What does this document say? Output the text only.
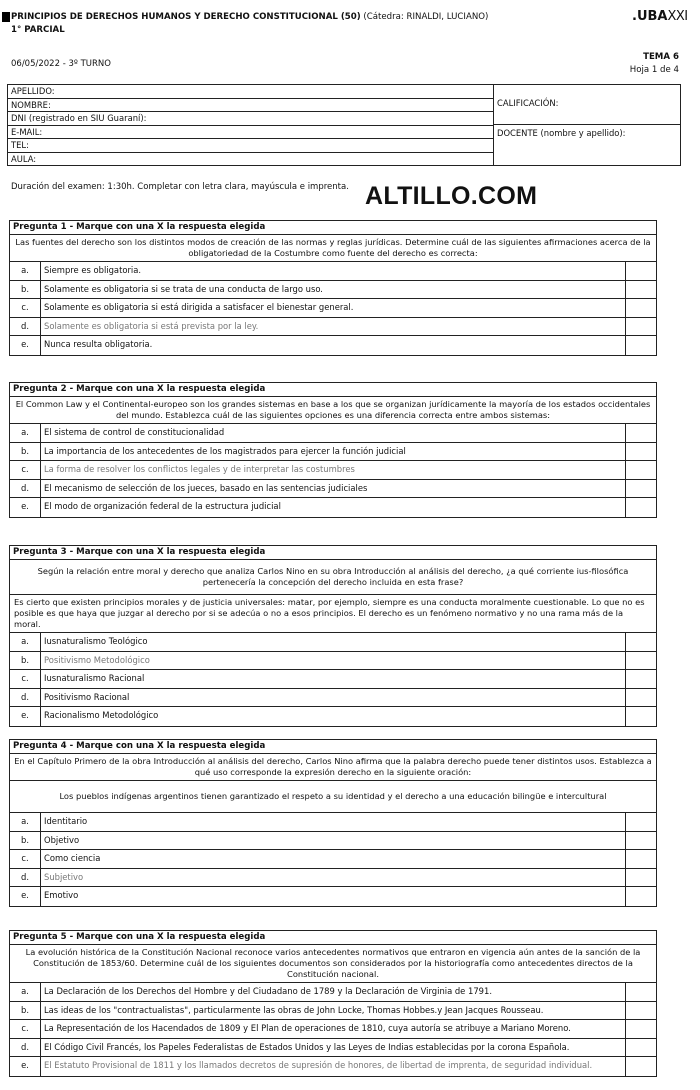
PRINCIPIOS DE DERECHOS HUMANOS Y DERECHO CONSTITUCIONAL (50) (Cátedra: RINALDI, LUCIANO)
1° PARCIAL
.UBAXXI
06/05/2022 - 3º TURNO
TEMA 6
Hoja 1 de 4
APELLIDO:
NOMBRE:
DNI (registrado en SIU Guaraní):
E-MAIL:
TEL:
AULA:
CALIFICACIÓN:
DOCENTE (nombre y apellido):
Duración del examen: 1:30h. Completar con letra clara, mayúscula e imprenta. ALTILLO.COM
Pregunta 1 - Marque con una X la respuesta elegida
Las fuentes del derecho son los distintos modos de creación de las normas y reglas jurídicas. Determine cuál de las siguientes afirmaciones acerca de la obligatoriedad de la Costumbre como fuente del derecho es correcta:
a.	Siempre es obligatoria.
b.	Solamente es obligatoria si se trata de una conducta de largo uso.
c.	Solamente es obligatoria si está dirigida a satisfacer el bienestar general.
d.	Solamente es obligatoria si está prevista por la ley.
e.	Nunca resulta obligatoria.
Pregunta 2 - Marque con una X la respuesta elegida
El Common Law y el Continental-europeo son los grandes sistemas en base a los que se organizan jurídicamente la mayoría de los estados occidentales del mundo. Establezca cuál de las siguientes opciones es una diferencia correcta entre ambos sistemas:
a.	El sistema de control de constitucionalidad
b.	La importancia de los antecedentes de los magistrados para ejercer la función judicial
c.	La forma de resolver los conflictos legales y de interpretar las costumbres
d.	El mecanismo de selección de los jueces, basado en las sentencias judiciales
e.	El modo de organización federal de la estructura judicial
Pregunta 3 - Marque con una X la respuesta elegida
Según la relación entre moral y derecho que analiza Carlos Nino en su obra Introducción al análisis del derecho, ¿a qué corriente ius-filosófica pertenecería la concepción del derecho incluida en esta frase?
Es cierto que existen principios morales y de justicia universales: matar, por ejemplo, siempre es una conducta moralmente cuestionable. Lo que no es posible es que haya que juzgar al derecho por si se adecúa o no a esos principios. El derecho es un fenómeno normativo y no una rama más de la moral.
a.	Iusnaturalismo Teológico
b.	Positivismo Metodológico
c.	Iusnaturalismo Racional
d.	Positivismo Racional
e.	Racionalismo Metodológico
Pregunta 4 - Marque con una X la respuesta elegida
En el Capítulo Primero de la obra Introducción al análisis del derecho, Carlos Nino afirma que la palabra derecho puede tener distintos usos. Establezca a qué uso corresponde la expresión derecho en la siguiente oración:
Los pueblos indígenas argentinos tienen garantizado el respeto a su identidad y el derecho a una educación bilingüe e intercultural
a.	Identitario
b.	Objetivo
c.	Como ciencia
d.	Subjetivo
e.	Emotivo
Pregunta 5 - Marque con una X la respuesta elegida
La evolución histórica de la Constitución Nacional reconoce varios antecedentes normativos que entraron en vigencia aún antes de la sanción de la Constitución de 1853/60. Determine cuál de los siguientes documentos son considerados por la historiografía como antecedentes directos de la Constitución nacional.
a.	La Declaración de los Derechos del Hombre y del Ciudadano de 1789 y la Declaración de Virginia de 1791.
b.	Las ideas de los "contractualistas", particularmente las obras de John Locke, Thomas Hobbes.y Jean Jacques Rousseau.
c.	La Representación de los Hacendados de 1809 y El Plan de operaciones de 1810, cuya autoría se atribuye a Mariano Moreno.
d.	El Código Civil Francés, los Papeles Federalistas de Estados Unidos y las Leyes de Indias establecidas por la corona Española.
e.	El Estatuto Provisional de 1811 y los llamados decretos de supresión de honores, de libertad de imprenta, de seguridad individual.
